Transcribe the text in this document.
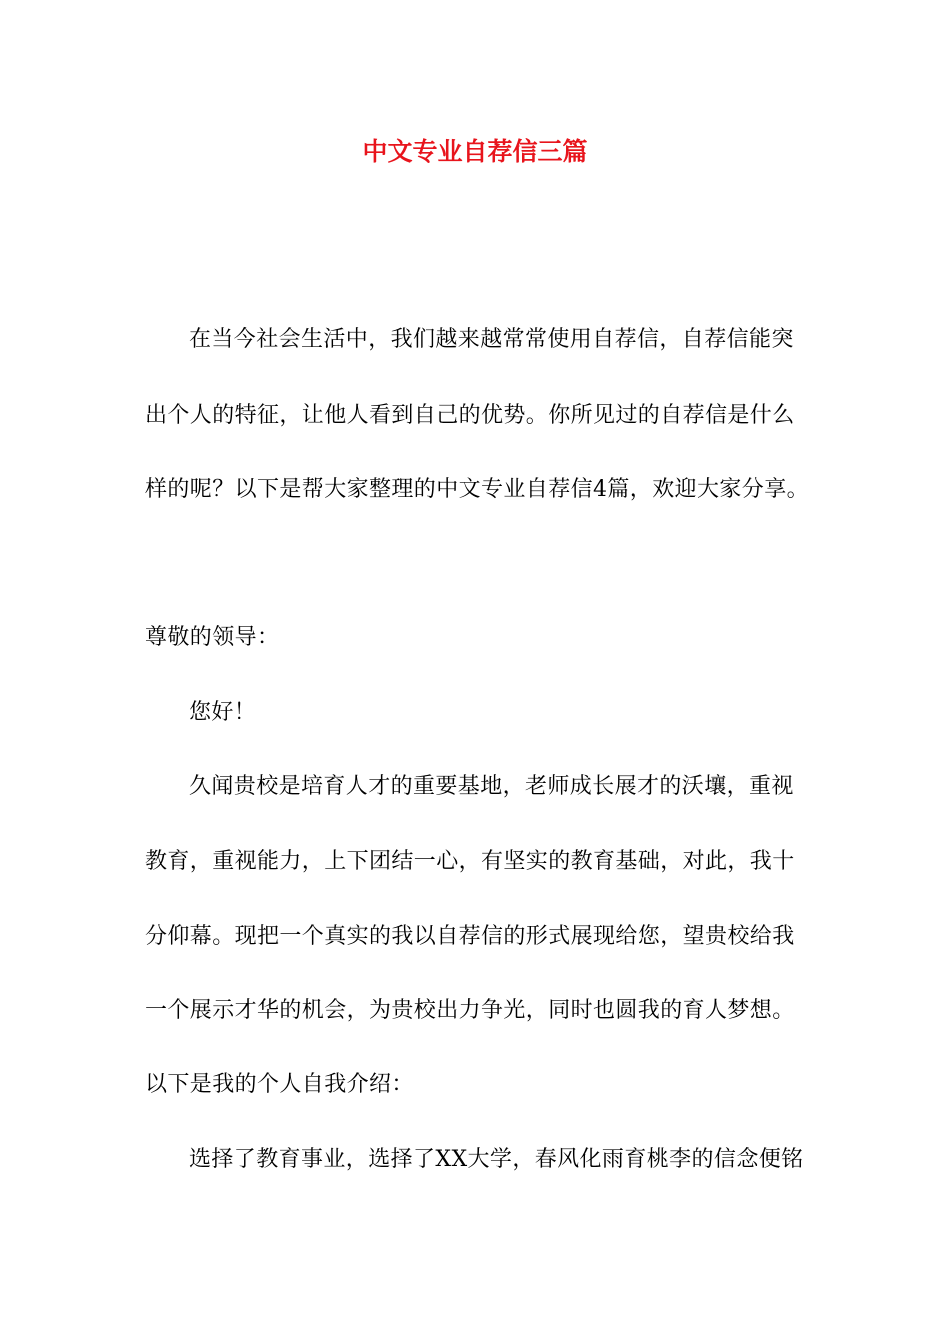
中文专业自荐信三篇
在当今社会生活中，我们越来越常常使用自荐信，自荐信能突
出个人的特征，让他人看到自己的优势。你所见过的自荐信是什么
样的呢？以下是帮大家整理的中文专业自荐信4篇，欢迎大家分享。
尊敬的领导：
您好！
久闻贵校是培育人才的重要基地，老师成长展才的沃壤，重视
教育，重视能力，上下团结一心，有坚实的教育基础，对此，我十
分仰幕。现把一个真实的我以自荐信的形式展现给您，望贵校给我
一个展示才华的机会，为贵校出力争光，同时也圆我的育人梦想。
以下是我的个人自我介绍：
选择了教育事业，选择了XX大学，春风化雨育桃李的信念便铭
